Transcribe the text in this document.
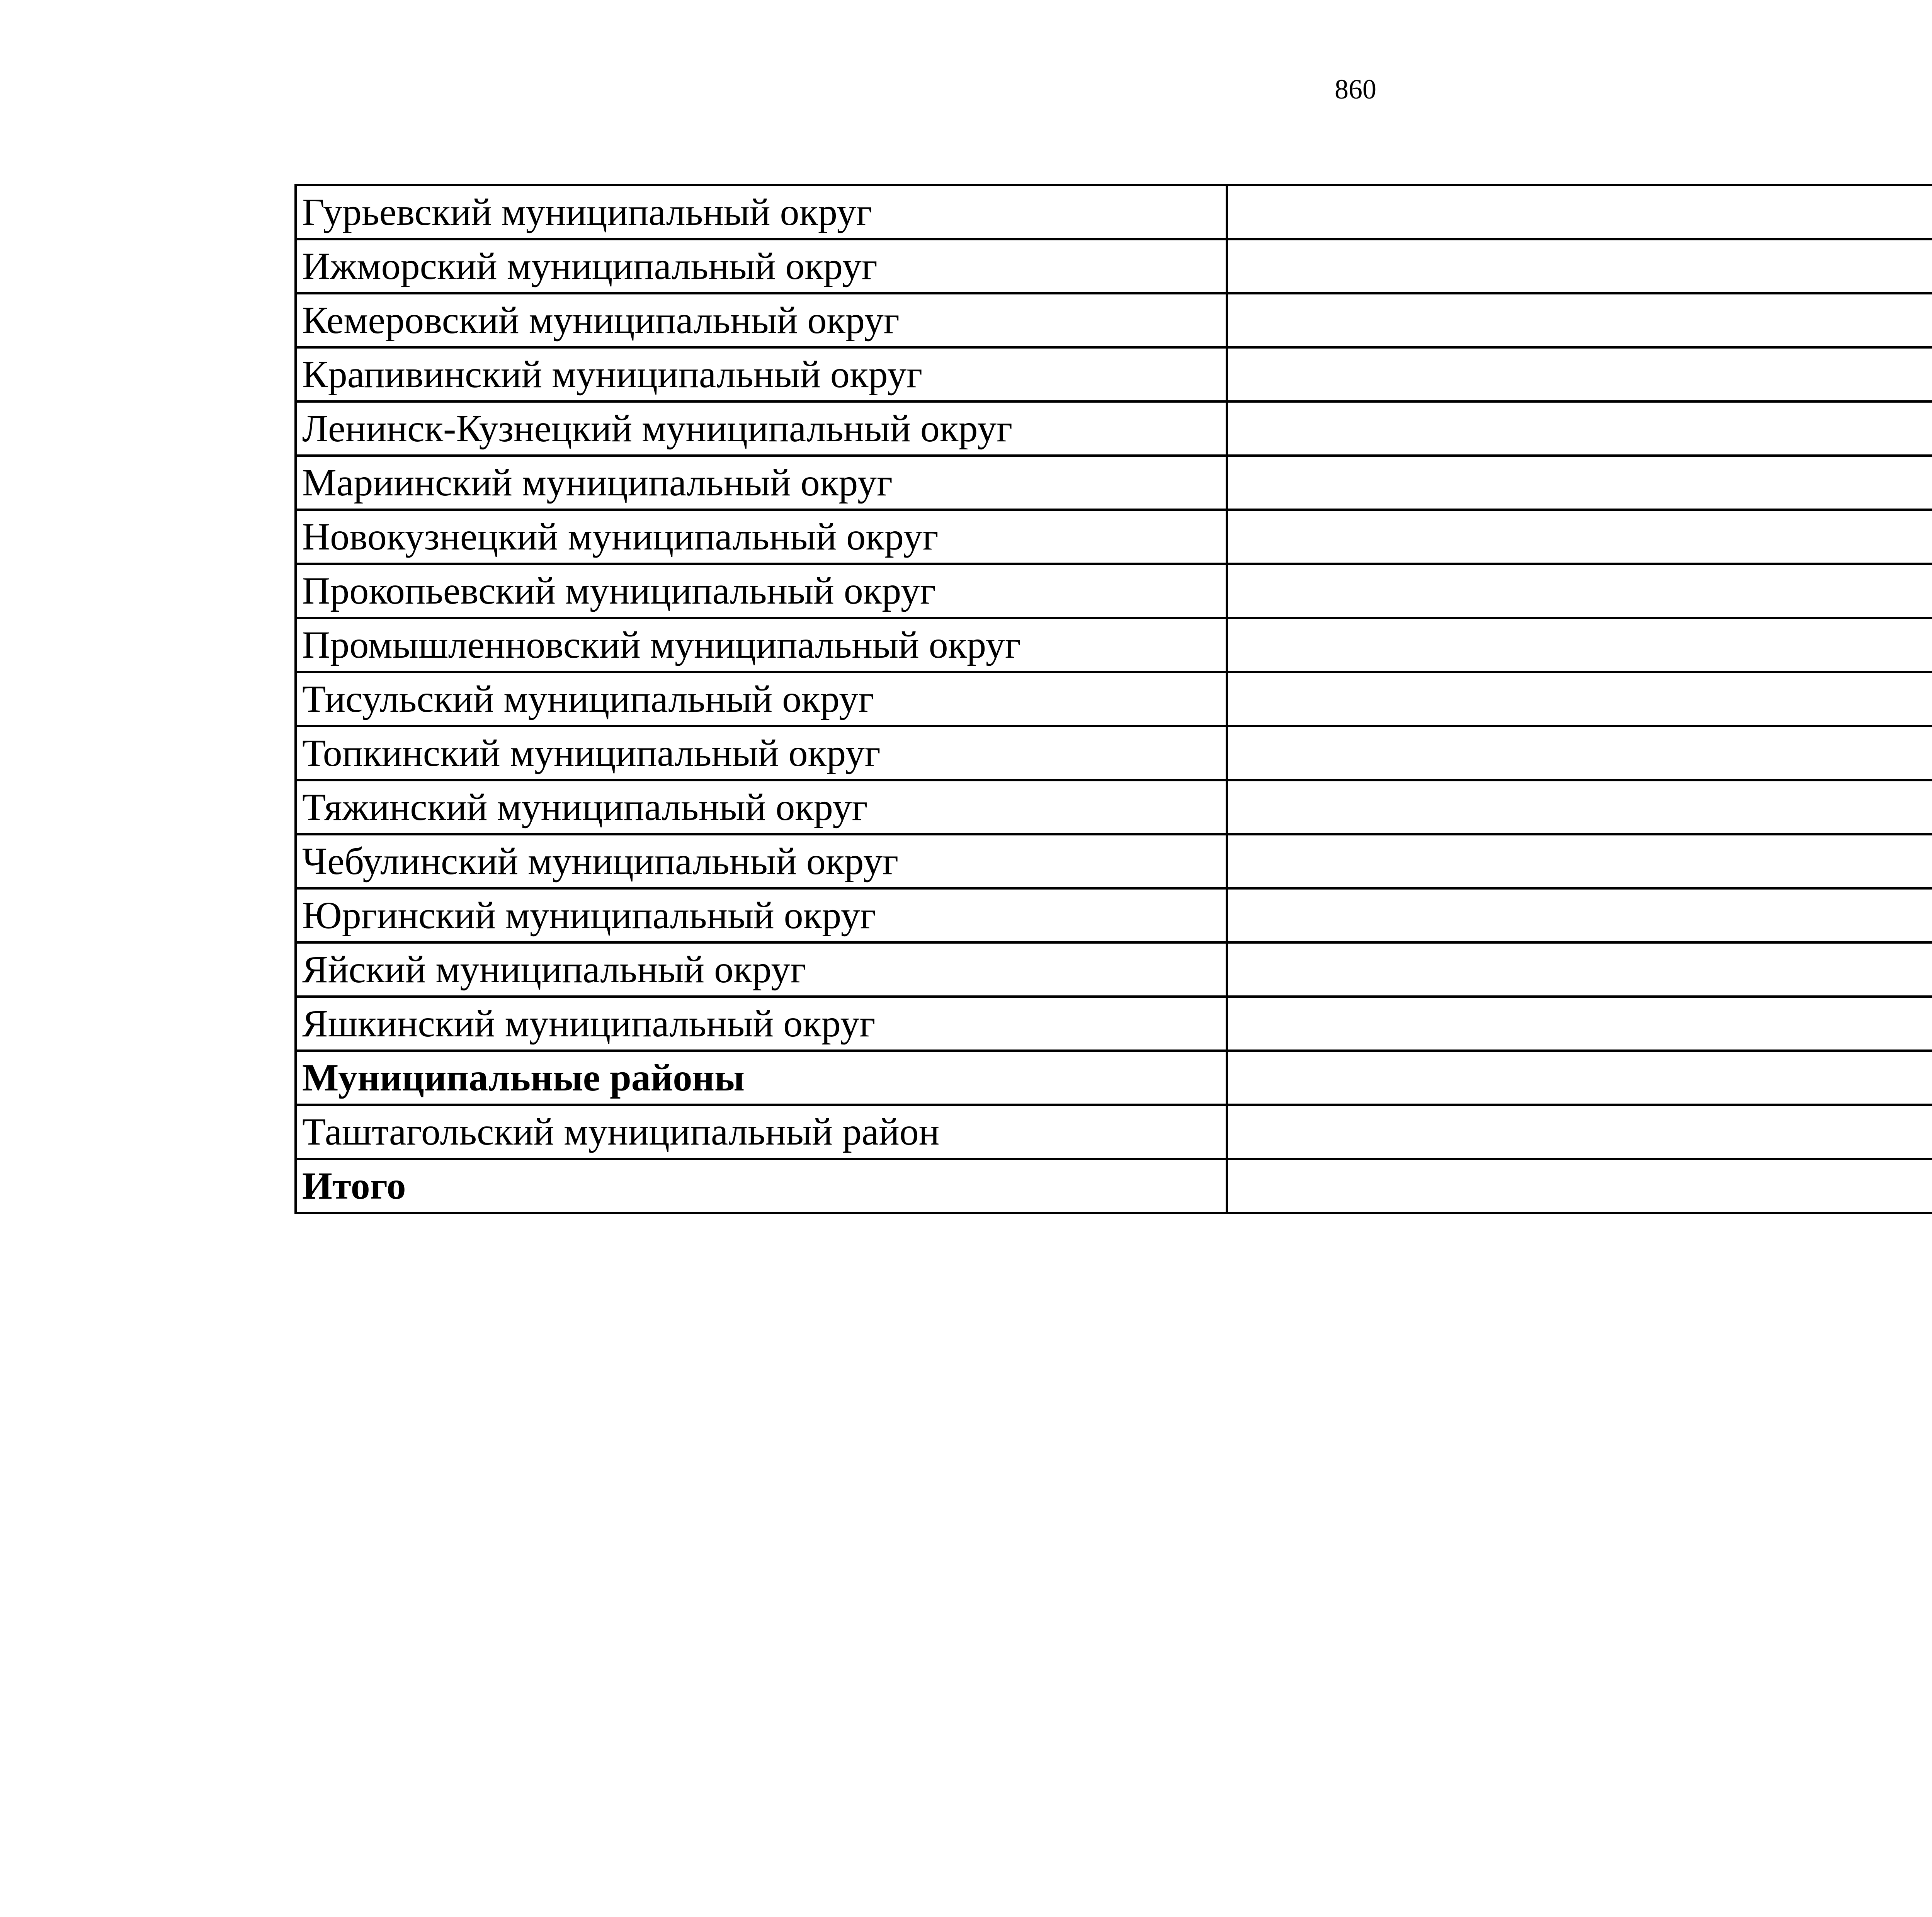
860
Гурьевский муниципальный округ	
Ижморский муниципальный округ	
Кемеровский муниципальный округ	
Крапивинский муниципальный округ	
Ленинск-Кузнецкий муниципальный округ	
Мариинский муниципальный округ	
Новокузнецкий муниципальный округ	
Прокопьевский муниципальный округ	
Промышленновский муниципальный округ	
Тисульский муниципальный округ	
Топкинский муниципальный округ	
Тяжинский муниципальный округ	
Чебулинский муниципальный округ	
Юргинский муниципальный округ	
Яйский муниципальный округ	
Яшкинский муниципальный округ	
Муниципальные районы	
Таштагольский муниципальный район	
Итого	
